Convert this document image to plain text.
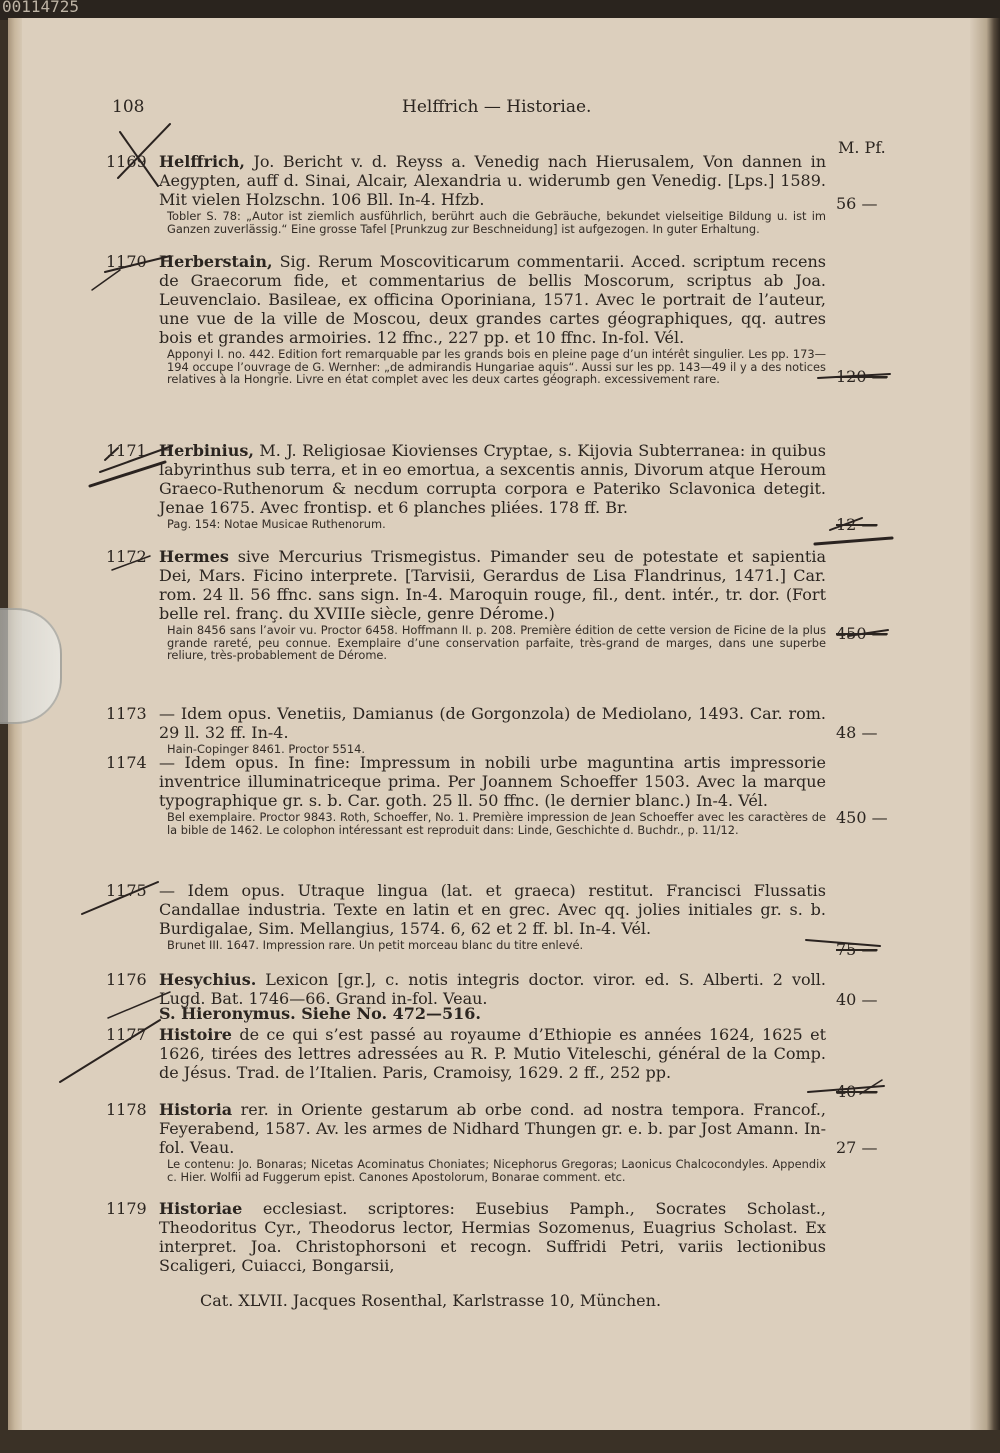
00114725
108	Helffrich — Historiae.
M. Pf.
1169 Helffrich, Jo. Bericht v. d. Reyss a. Venedig nach Hierusalem, Von dannen in Aegypten, auff d. Sinai, Alcair, Alexandria u. widerumb gen Venedig. [Lps.] 1589. Mit vielen Holzschn. 106 Bll. In-4. Hfzb.
Tobler S. 78: „Autor ist ziemlich ausführlich, berührt auch die Gebräuche, bekundet vielseitige Bildung u. ist im Ganzen zuverlässig.“ Eine grosse Tafel [Prunkzug zur Beschneidung] ist aufgezogen. In guter Erhaltung.
56 —
1170 Herberstain, Sig. Rerum Moscoviticarum commentarii. Acced. scriptum recens de Graecorum fide, et commentarius de bellis Moscorum, scriptus ab Joa. Leuvenclaio. Basileae, ex officina Oporiniana, 1571. Avec le portrait de l’auteur, une vue de la ville de Moscou, deux grandes cartes géographiques, qq. autres bois et grandes armoiries. 12 ffnc., 227 pp. et 10 ffnc. In-fol. Vél.
Apponyi I. no. 442. Edition fort remarquable par les grands bois en pleine page d’un intérêt singulier. Les pp. 173—194 occupe l’ouvrage de G. Wernher: „de admirandis Hungariae aquis“. Aussi sur les pp. 143—49 il y a des notices relatives à la Hongrie. Livre en état complet avec les deux cartes géograph. excessivement rare.	120 —
1171 Herbinius, M. J. Religiosae Kiovienses Cryptae, s. Kijovia Subterranea: in quibus labyrinthus sub terra, et in eo emortua, a sexcentis annis, Divorum atque Heroum Graeco-Ruthenorum & necdum corrupta corpora e Pateriko Sclavonica detegit. Jenae 1675. Avec frontisp. et 6 planches pliées. 178 ff. Br.
Pag. 154: Notae Musicae Ruthenorum.	12 —
1172 Hermes sive Mercurius Trismegistus. Pimander seu de potestate et sapientia Dei, Mars. Ficino interprete. [Tarvisii, Gerardus de Lisa Flandrinus, 1471.] Car. rom. 24 ll. 56 ffnc. sans sign. In-4. Maroquin rouge, fil., dent. intér., tr. dor. (Fort belle rel. franç. du XVIIIe siècle, genre Dérome.)
Hain 8456 sans l’avoir vu. Proctor 6458. Hoffmann II. p. 208. Première édition de cette version de Ficine de la plus grande rareté, peu connue. Exemplaire d’une conservation parfaite, très-grand de marges, dans une superbe reliure, très-probablement de Dérome.
450 —
1173 — Idem opus. Venetiis, Damianus (de Gorgonzola) de Mediolano, 1493. Car. rom. 29 ll. 32 ff. In-4.
Hain-Copinger 8461. Proctor 5514.
48 —
1174 — Idem opus. In fine: Impressum in nobili urbe maguntina artis impressorie inventrice illuminatriceque prima. Per Joannem Schoeffer 1503. Avec la marque typographique gr. s. b. Car. goth. 25 ll. 50 ffnc. (le dernier blanc.) In-4. Vél.
Bel exemplaire. Proctor 9843. Roth, Schoeffer, No. 1. Première impression de Jean Schoeffer avec les caractères de la bible de 1462. Le colophon intéressant est reproduit dans: Linde, Geschichte d. Buchdr., p. 11/12.
450 —
1175 — Idem opus. Utraque lingua (lat. et graeca) restitut. Francisci Flussatis Candallae industria. Texte en latin et en grec. Avec qq. jolies initiales gr. s. b. Burdigalae, Sim. Mellangius, 1574. 6, 62 et 2 ff. bl. In-4. Vél.
Brunet III. 1647. Impression rare. Un petit morceau blanc du titre enlevé.	75 —
1176 Hesychius. Lexicon [gr.], c. notis integris doctor. viror. ed. S. Alberti. 2 voll. Lugd. Bat. 1746—66. Grand in-fol. Veau.	40 —
S. Hieronymus. Siehe No. 472—516.
1177 Histoire de ce qui s’est passé au royaume d’Ethiopie es années 1624, 1625 et 1626, tirées des lettres adressées au R. P. Mutio Viteleschi, général de la Comp. de Jésus. Trad. de l’Italien. Paris, Cramoisy, 1629. 2 ff., 252 pp.
40 —
1178 Historia rer. in Oriente gestarum ab orbe cond. ad nostra tempora. Francof., Feyerabend, 1587. Av. les armes de Nidhard Thungen gr. e. b. par Jost Amann. In-fol. Veau.
Le contenu: Jo. Bonaras; Nicetas Acominatus Choniates; Nicephorus Gregoras; Laonicus Chalcocondyles. Appendix c. Hier. Wolfii ad Fuggerum epist. Canones Apostolorum, Bonarae comment. etc.
27 —
1179 Historiae ecclesiast. scriptores: Eusebius Pamph., Socrates Scholast., Theodoritus Cyr., Theodorus lector, Hermias Sozomenus, Euagrius Scholast. Ex interpret. Joa. Christophorsoni et recogn. Suffridi Petri, variis lectionibus Scaligeri, Cuiacci, Bongarsii,
Cat. XLVII. Jacques Rosenthal, Karlstrasse 10, München.
